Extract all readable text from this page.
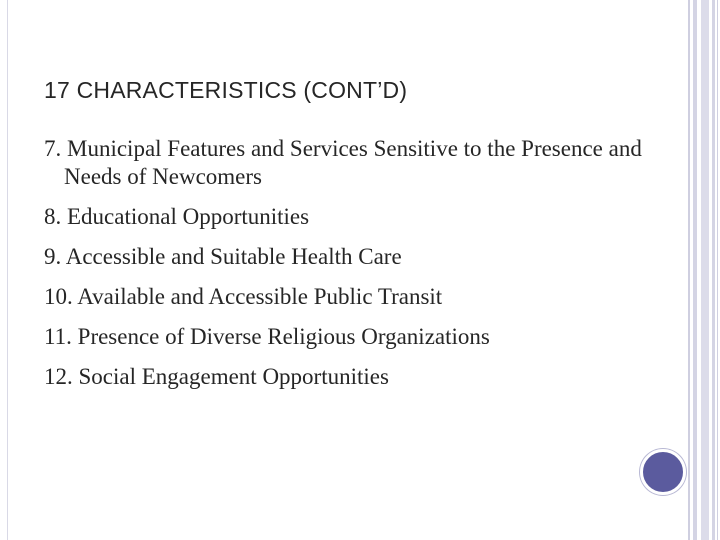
17 CHARACTERISTICS (CONT’D)
7. Municipal Features and Services Sensitive to the Presence and Needs of Newcomers
8. Educational Opportunities
9. Accessible and Suitable Health Care
10. Available and Accessible Public Transit
11. Presence of Diverse Religious Organizations
12. Social Engagement Opportunities
